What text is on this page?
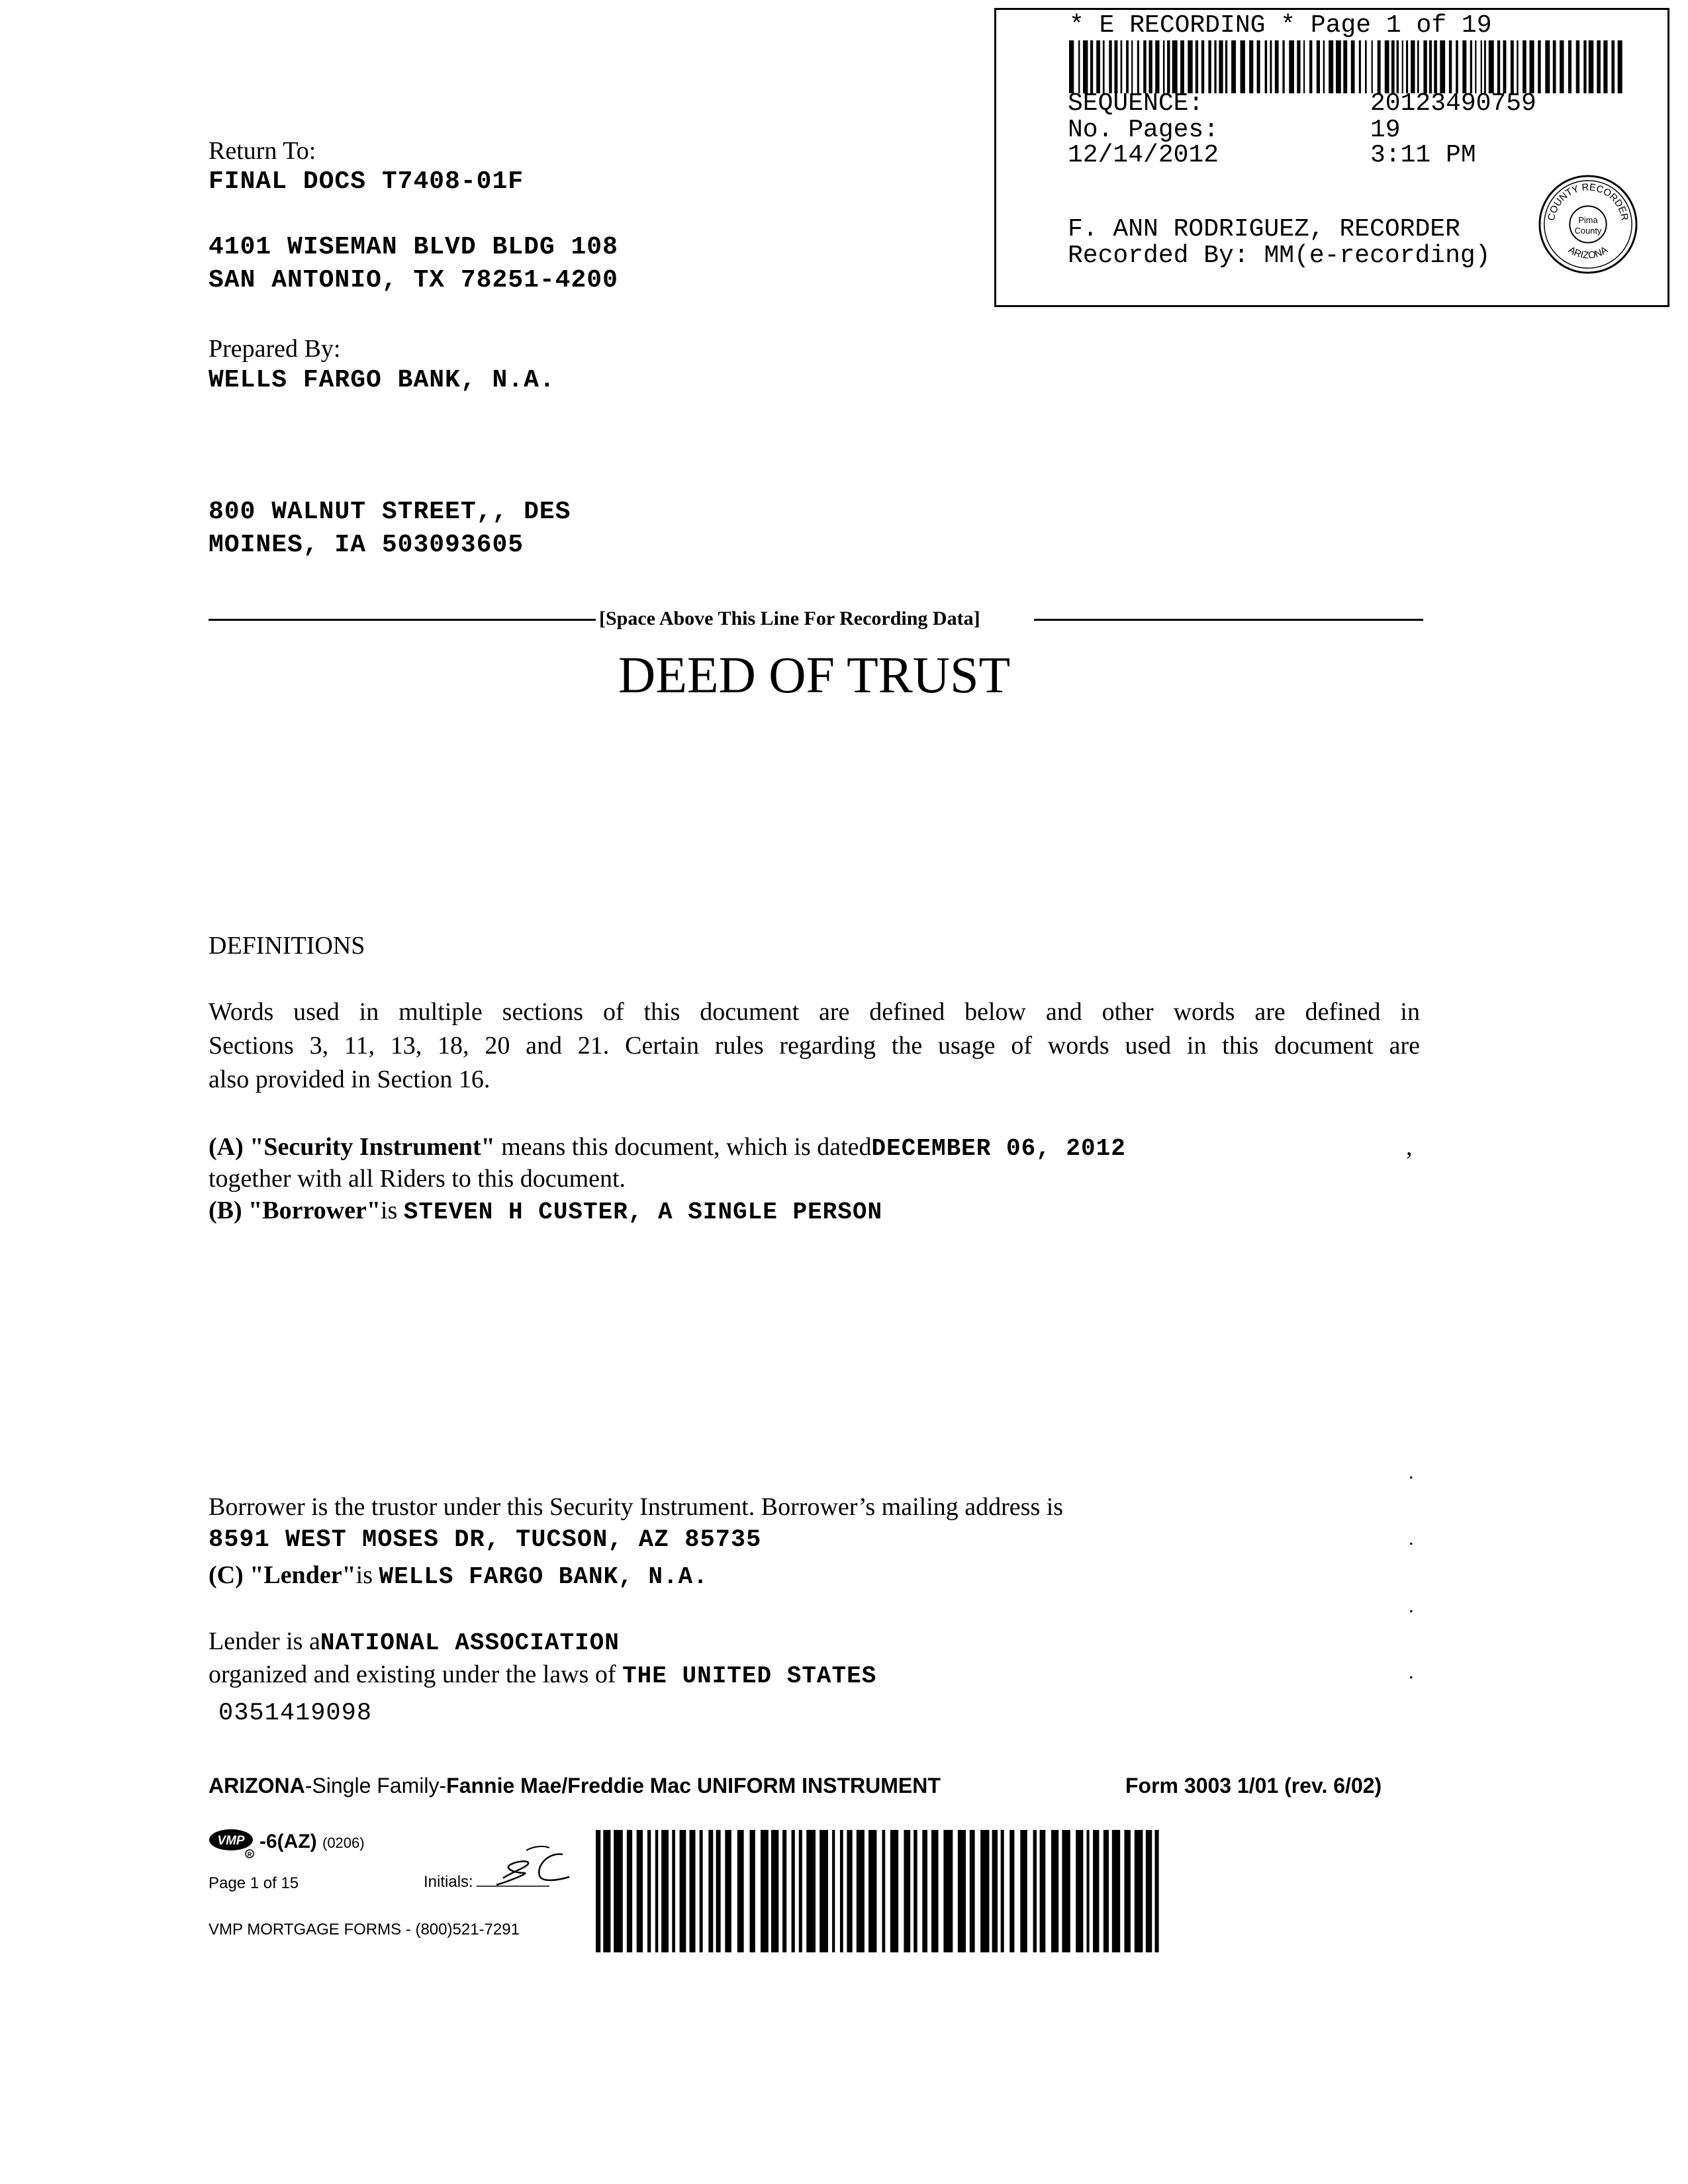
* E RECORDING * Page 1 of 19
SEQUENCE:	20123490759
No. Pages:	19
12/14/2012	3:11 PM
F. ANN RODRIGUEZ, RECORDER
Recorded By: MM(e-recording)
COUNTY RECORDER
ARIZONA
Pima
County
Return To:
FINAL DOCS T7408-01F
4101 WISEMAN BLVD BLDG 108
SAN ANTONIO, TX 78251-4200
Prepared By:
WELLS FARGO BANK, N.A.
800 WALNUT STREET,, DES
MOINES, IA 503093605
[Space Above This Line For Recording Data]
DEED OF TRUST
DEFINITIONS
Words used in multiple sections of this document are defined below and other words are defined in
Sections 3, 11, 13, 18, 20 and 21. Certain rules regarding the usage of words used in this document are
also provided in Section 16.
(A) "Security Instrument" means this document, which is datedDECEMBER 06, 2012	,
together with all Riders to this document.
(B) "Borrower"is STEVEN H CUSTER, A SINGLE PERSON
.
Borrower is the trustor under this Security Instrument. Borrower’s mailing address is
8591 WEST MOSES DR, TUCSON, AZ 85735	.
(C) "Lender"is WELLS FARGO BANK, N.A.
.
Lender is aNATIONAL ASSOCIATION
organized and existing under the laws of THE UNITED STATES	.
0351419098
ARIZONA-Single Family-Fannie Mae/Freddie Mac UNIFORM INSTRUMENT	Form 3003 1/01 (rev. 6/02)
VMP
R
-6(AZ) (0206)
Page 1 of 15	Initials:
VMP MORTGAGE FORMS - (800)521-7291
